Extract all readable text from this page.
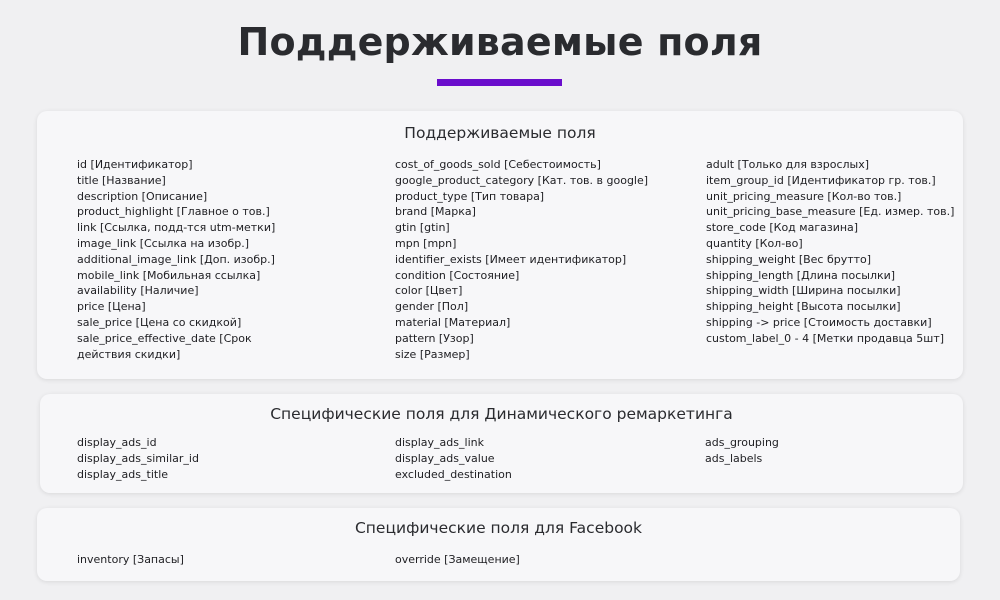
Поддерживаемые поля
Поддерживаемые поля
id [Идентификатор]
title [Название]
description [Описание]
product_highlight [Главное о тов.]
link [Ссылка, подд-тся utm-метки]
image_link [Ссылка на изобр.]
additional_image_link [Доп. изобр.]
mobile_link [Мобильная ссылка]
availability [Наличие]
price [Цена]
sale_price [Цена со скидкой]
sale_price_effective_date [Срок действия скидки]
cost_of_goods_sold [Себестоимость]
google_product_category [Кат. тов. в google]
product_type [Тип товара]
brand [Марка]
gtin [gtin]
mpn [mpn]
identifier_exists [Имеет идентификатор]
condition [Состояние]
color [Цвет]
gender [Пол]
material [Материал]
pattern [Узор]
size [Размер]
adult [Только для взрослых]
item_group_id [Идентификатор гр. тов.]
unit_pricing_measure [Кол-во тов.]
unit_pricing_base_measure [Ед. измер. тов.]
store_code [Код магазина]
quantity [Кол-во]
shipping_weight [Вес брутто]
shipping_length [Длина посылки]
shipping_width [Ширина посылки]
shipping_height [Высота посылки]
shipping -> price [Стоимость доставки]
custom_label_0 - 4 [Метки продавца 5шт]
Специфические поля для Динамического ремаркетинга
display_ads_id
display_ads_similar_id
display_ads_title
display_ads_link
display_ads_value
excluded_destination
ads_grouping
ads_labels
Специфические поля для Facebook
inventory [Запасы]	override [Замещение]
